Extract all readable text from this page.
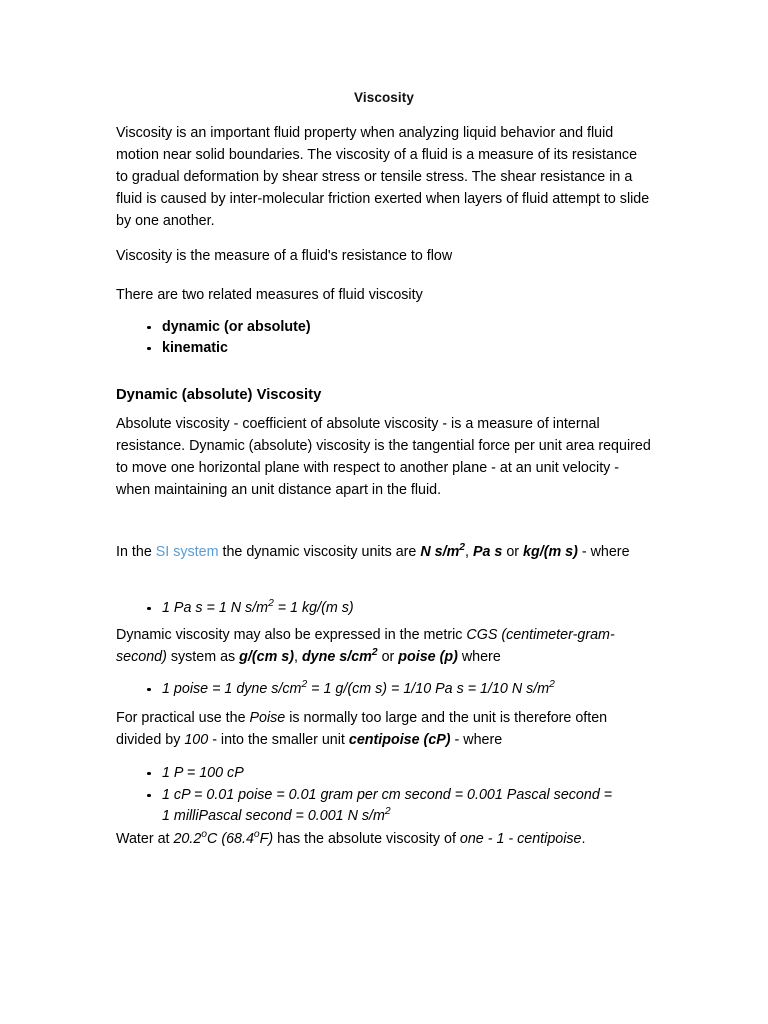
Viscosity

Viscosity is an important fluid property when analyzing liquid behavior and fluid motion near solid boundaries. The viscosity of a fluid is a measure of its resistance to gradual deformation by shear stress or tensile stress. The shear resistance in a fluid is caused by inter-molecular friction exerted when layers of fluid attempt to slide by one another.

Viscosity is the measure of a fluid's resistance to flow

There are two related measures of fluid viscosity

dynamic (or absolute)
kinematic
Dynamic (absolute) Viscosity

Absolute viscosity - coefficient of absolute viscosity - is a measure of internal resistance. Dynamic (absolute) viscosity is the tangential force per unit area required to move one horizontal plane with respect to another plane - at an unit velocity - when maintaining an unit distance apart in the fluid.

In the SI system the dynamic viscosity units are N $s/m^2$, Pa s or kg/(m s) - where

1 Pa s = 1 N $s/m^2 = 1$ kg/(m s)

Dynamic viscosity may also be expressed in the metric CGS (centimeter-gram-second) system as g/(cm s), dyne $s/cm^2$ or poise (p) where

1 poise = 1 dyne $s/cm^2 = 1$ g/(cm s) = 1/10 Pa s = 1/10 N $s/m^2$

For practical use the Poise is normally too large and the unit is therefore often divided by 100 - into the smaller unit centipoise (cP) - where

1 P = 100 cP
1 cP = 0.01 poise = 0.01 gram per cm second = 0.001 Pascal second =
1 milliPascal second = 0.001 N $s/m^2$

Water at 20.2$^o$C (68.4$^o$F) has the absolute viscosity of one - 1 - centipoise.
